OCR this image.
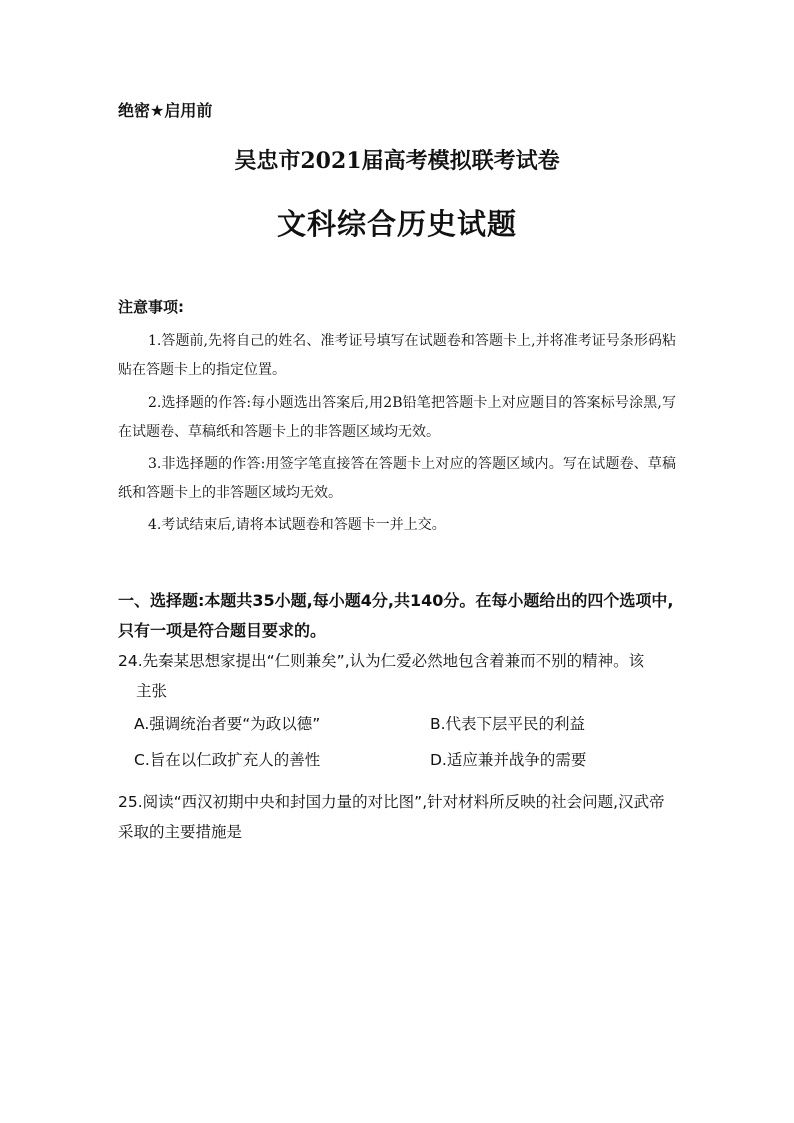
绝密★启用前
吴忠市2021届高考模拟联考试卷
文科综合历史试题
注意事项:
1.答题前,先将自己的姓名、准考证号填写在试题卷和答题卡上,并将准考证号条形码粘贴在答题卡上的指定位置。
2.选择题的作答:每小题选出答案后,用2B铅笔把答题卡上对应题目的答案标号涂黑,写在试题卷、草稿纸和答题卡上的非答题区域均无效。
3.非选择题的作答:用签字笔直接答在答题卡上对应的答题区域内。写在试题卷、草稿纸和答题卡上的非答题区域均无效。
4.考试结束后,请将本试题卷和答题卡一并上交。
一、选择题:本题共35小题,每小题4分,共140分。在每小题给出的四个选项中,只有一项是符合题目要求的。
24.先秦某思想家提出“仁则兼矣”,认为仁爱必然地包含着兼而不别的精神。该
主张
A.强调统治者要“为政以德”	B.代表下层平民的利益
C.旨在以仁政扩充人的善性	D.适应兼并战争的需要
25.阅读“西汉初期中央和封国力量的对比图”,针对材料所反映的社会问题,汉武帝采取的主要措施是
